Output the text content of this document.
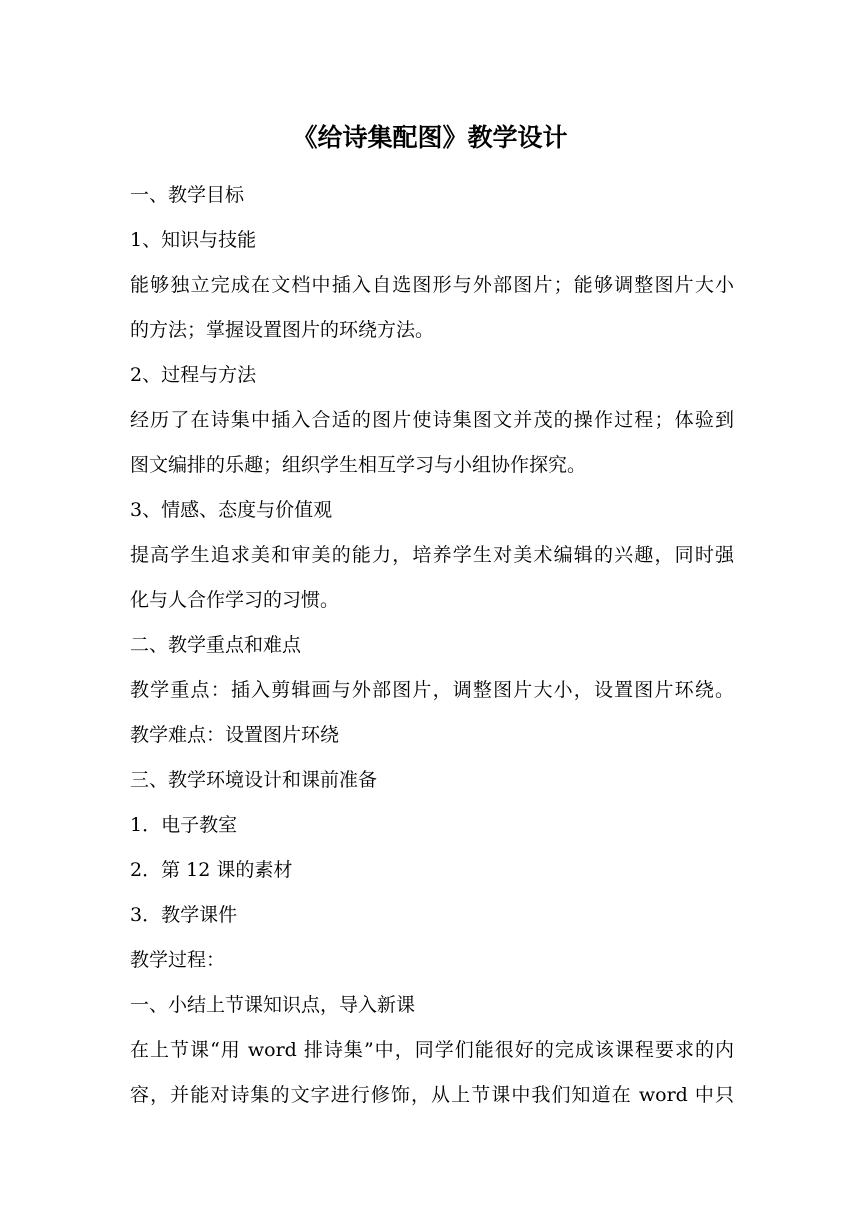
《给诗集配图》教学设计

一、教学目标

1、知识与技能

能够独立完成在文档中插入自选图形与外部图片；能够调整图片大小

的方法；掌握设置图片的环绕方法。

2、过程与方法

经历了在诗集中插入合适的图片使诗集图文并茂的操作过程；体验到

图文编排的乐趣；组织学生相互学习与小组协作探究。

3、情感、态度与价值观

提高学生追求美和审美的能力，培养学生对美术编辑的兴趣，同时强

化与人合作学习的习惯。

二、教学重点和难点

教学重点：插入剪辑画与外部图片，调整图片大小，设置图片环绕。

教学难点：设置图片环绕

三、教学环境设计和课前准备

1．电子教室

2．第 12 课的素材

3．教学课件

教学过程：

一、小结上节课知识点，导入新课

在上节课“用 word 排诗集”中，同学们能很好的完成该课程要求的内

容，并能对诗集的文字进行修饰，从上节课中我们知道在 word 中只
